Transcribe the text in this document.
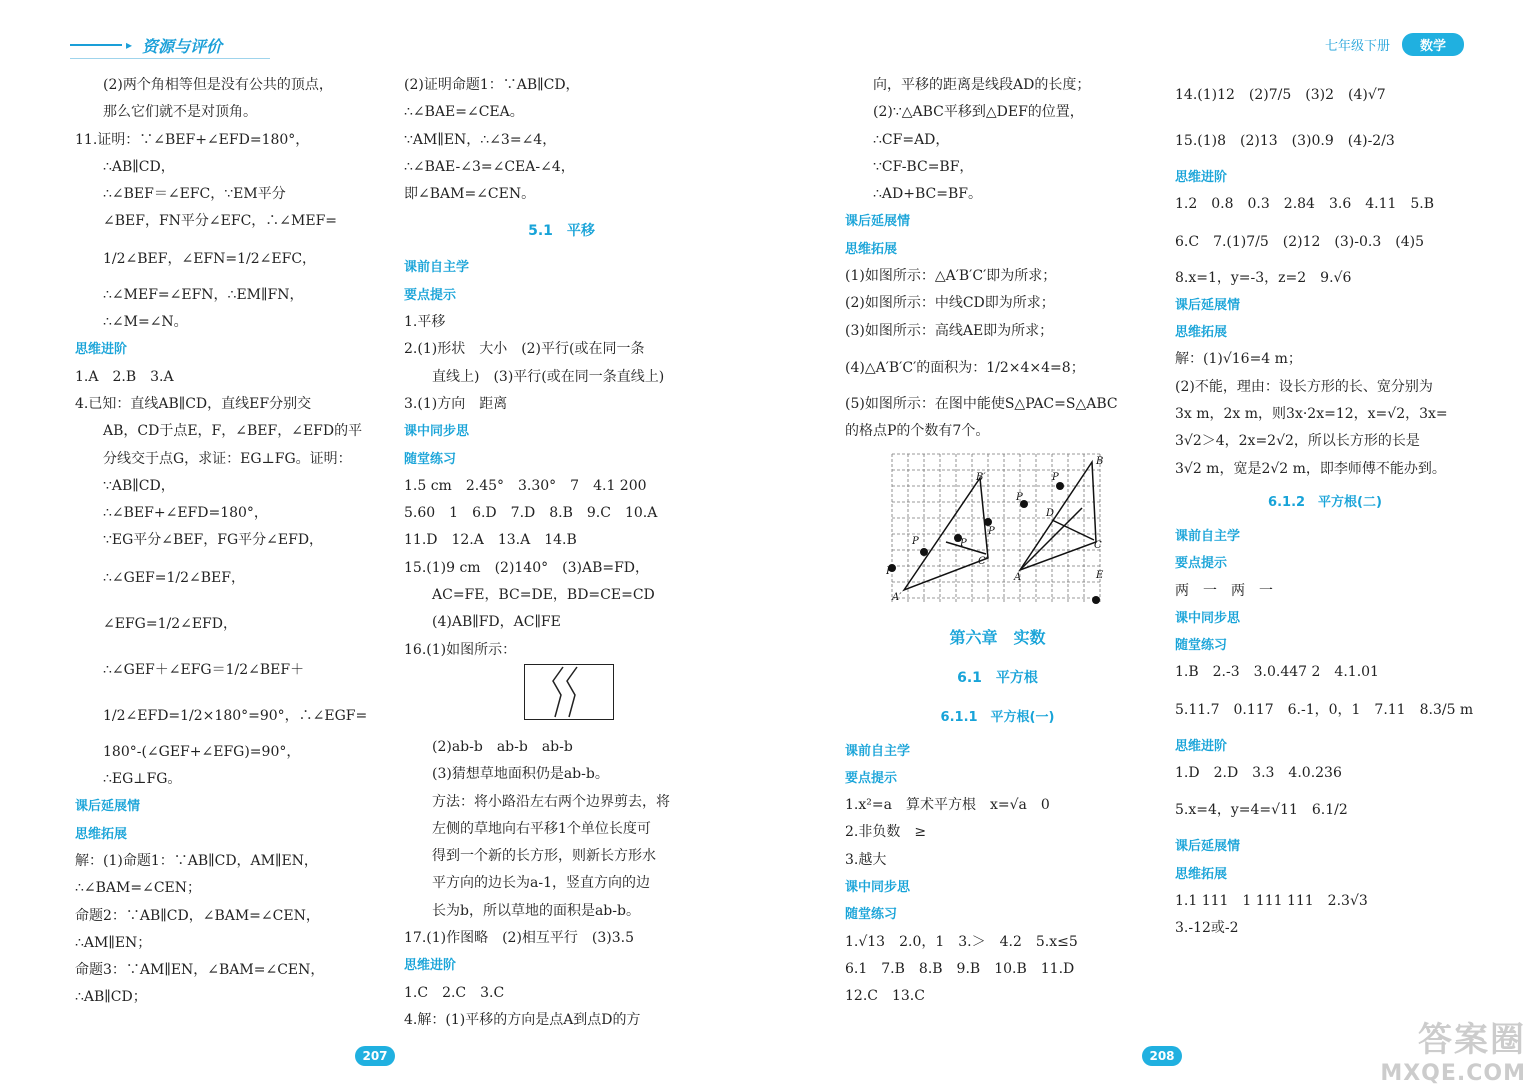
▸ 资源与评价	七年级下册	数学
(2)两个角相等但是没有公共的顶点，
那么它们就不是对顶角。
11.证明：∵∠BEF+∠EFD=180°，
∴AB∥CD，
∴∠BEF＝∠EFC，∵EM平分
∠BEF，FN平分∠EFC，∴∠MEF=
1/2∠BEF，∠EFN=1/2∠EFC，
∴∠MEF=∠EFN，∴EM∥FN，
∴∠M=∠N。
思维进阶
1.A　2.B　3.A
4.已知：直线AB∥CD，直线EF分别交
AB，CD于点E，F，∠BEF，∠EFD的平
分线交于点G，求证：EG⊥FG。证明：
∵AB∥CD，
∴∠BEF+∠EFD=180°，
∵EG平分∠BEF，FG平分∠EFD，
∴∠GEF=1/2∠BEF，
∠EFG=1/2∠EFD，
∴∠GEF＋∠EFG＝1/2∠BEF＋
1/2∠EFD=1/2×180°=90°，∴∠EGF=
180°-(∠GEF+∠EFG)=90°，
∴EG⊥FG。
课后延展情
思维拓展
解：(1)命题1：∵AB∥CD，AM∥EN，
∴∠BAM=∠CEN；
命题2：∵AB∥CD，∠BAM=∠CEN，
∴AM∥EN；
命题3：∵AM∥EN，∠BAM=∠CEN，
∴AB∥CD；
(2)证明命题1：∵AB∥CD，
∴∠BAE=∠CEA。
∵AM∥EN，∴∠3=∠4，
∴∠BAE-∠3=∠CEA-∠4，
即∠BAM=∠CEN。
5.1　平移
课前自主学
要点提示
1.平移
2.(1)形状　大小　(2)平行(或在同一条
直线上)　(3)平行(或在同一条直线上)
3.(1)方向　距离
课中同步思
随堂练习
1.5 cm　2.45°　3.30°　7　4.1 200
5.60　1　6.D　7.D　8.B　9.C　10.A
11.D　12.A　13.A　14.B
15.(1)9 cm　(2)140°　(3)AB=FD，
AC=FE，BC=DE，BD=CE=CD
(4)AB∥FD，AC∥FE
16.(1)如图所示：
(2)ab-b　ab-b　ab-b
(3)猜想草地面积仍是ab-b。
方法：将小路沿左右两个边界剪去，将
左侧的草地向右平移1个单位长度可
得到一个新的长方形，则新长方形水
平方向的边长为a-1，竖直方向的边
长为b，所以草地的面积是ab-b。
17.(1)作图略　(2)相互平行　(3)3.5
思维进阶
1.C　2.C　3.C
4.解：(1)平移的方向是点A到点D的方
向，平移的距离是线段AD的长度；
(2)∵△ABC平移到△DEF的位置，
∴CF=AD，
∵CF-BC=BF，
∴AD+BC=BF。
课后延展情
思维拓展
(1)如图所示：△A′B′C′即为所求；
(2)如图所示：中线CD即为所求；
(3)如图所示：高线AE即为所求；
(4)△A′B′C′的面积为：1/2×4×4=8；
(5)如图所示：在图中能使S△PAC=S△ABC
的格点P的个数有7个。
第六章　实数
6.1　平方根
6.1.1　平方根(一)
课前自主学
要点提示
1.x²=a　算术平方根　x=√a　0
2.非负数　≥
3.越大
课中同步思
随堂练习
1.√13　2.0，1　3.＞　4.2　5.x≤5
6.1　7.B　8.B　9.B　10.B　11.D
12.C　13.C
B
B′	P
P
D
P
P	P
C′
C
A	E
A′
P
14.(1)12　(2)7/5　(3)2　(4)√7
15.(1)8　(2)13　(3)0.9　(4)-2/3
思维进阶
1.2　0.8　0.3　2.84　3.6　4.11　5.B
6.C　7.(1)7/5　(2)12　(3)-0.3　(4)5
8.x=1，y=-3，z=2　9.√6
课后延展情
思维拓展
解：(1)√16=4 m；
(2)不能，理由：设长方形的长、宽分别为
3x m，2x m，则3x·2x=12，x=√2，3x=
3√2＞4，2x=2√2，所以长方形的长是
3√2 m，宽是2√2 m，即李师傅不能办到。
6.1.2　平方根(二)
课前自主学
要点提示
两　一　两　一
课中同步思
随堂练习
1.B　2.-3　3.0.447 2　4.1.01
5.11.7　0.117　6.-1，0，1　7.11　8.3/5 m
思维进阶
1.D　2.D　3.3　4.0.236
5.x=4，y=4=√11　6.1/2
课后延展情
思维拓展
1.1 111　1 111 111　2.3√3
3.-12或-2
207	208	答案圈
MXQE.COM
